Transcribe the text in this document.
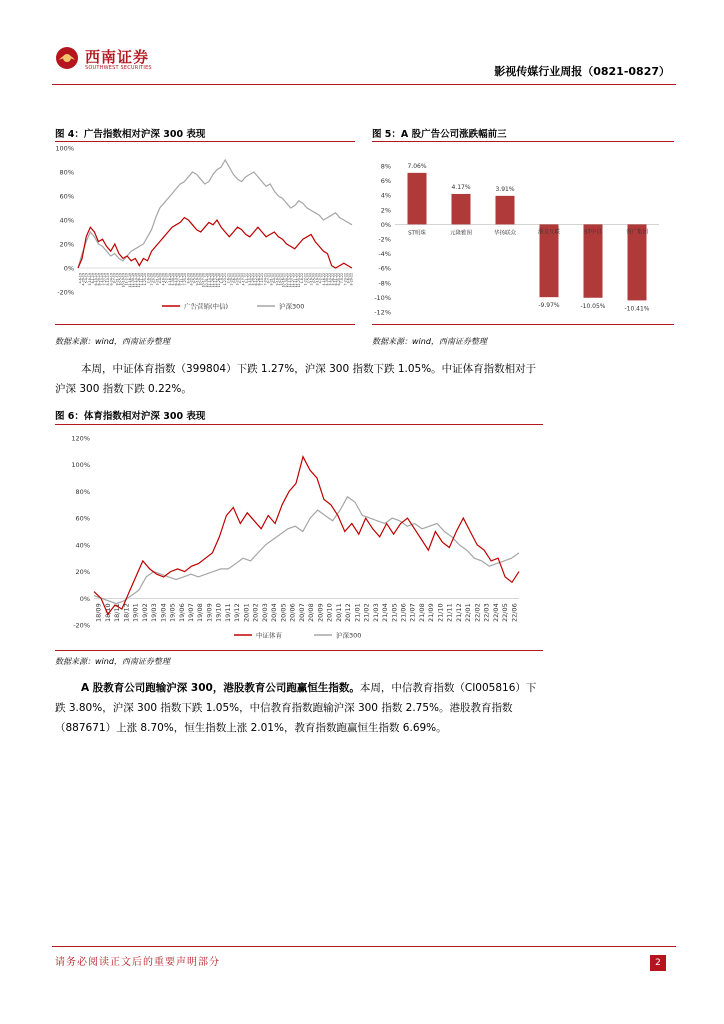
西南证券
SOUTHWEST SECURITIES	影视传媒行业周报（0821-0827）
图 4：广告指数相对沪深 300 表现
100%
80%
60%
40%
20%
0%
-20%
4-6-19 4-20-19 5-4-19 5-18-19 6-1-19 6-15-19 6-29-19 7-13-19 7-27-19 8-10-19 8-24-19 9-7-19 9-21-19 10-5-19 10-19-19 11-2-19 11-16-19 11-30-19 12-14-19 12-28-19 1-11-20 1-25-20 2-8-20 2-22-20 3-7-20 3-21-20 4-4-20 4-18-20 5-2-20 5-16-20 5-30-20 6-13-20 6-27-20 7-11-20 7-25-20 8-8-20 8-22-20 9-5-20 9-19-20 10-3-20 10-17-20 10-31-20 11-14-20 11-28-20 12-12-20 12-26-20 1-9-21 1-23-21 2-6-21 2-20-21 3-6-21 3-20-21 4-3-21 4-17-21 5-1-21 5-15-21 5-29-21 6-12-21 6-26-21 7-10-21 7-24-21 8-7-21 8-21-21 9-4-21 9-18-21 10-2-21 10-16-21 10-30-21 11-13-21 11-27-21 12-11-21 12-25-21 1-8-22 1-22-22 2-5-22 2-19-22 3-5-22 3-19-22 4-2-22 4-16-22 4-30-22 5-14-22 5-28-22 6-11-22 6-25-22 7-9-22 7-23-22 8-6-22 8-20-22
广告营销(中信)	沪深300
数据来源：wind，西南证券整理
图 5：A 股广告公司涨跌幅前三
8%
6%
4%
2%
0%
-2%
-4%
-6%
-8%
-10%
-12%
7.06%
ST明珠
4.17%
元隆雅图
3.91%
华扬联众
-9.97%
浙文互联
-10.05%
ST中昌
-10.41%
省广集团
数据来源：wind，西南证券整理
本周，中证体育指数（399804）下跌 1.27%，沪深 300 指数下跌 1.05%。中证体育指数相对于沪深 300 指数下跌 0.22%。
图 6：体育指数相对沪深 300 表现
120%
100%
80%
60%
40%
20%
0%
-20%
18/09 18/10 18/11 18/12 19/01 19/02 19/03 19/04 19/05 19/06 19/07 19/08 19/09 19/10 19/11 19/12 20/01 20/02 20/03 20/04 20/05 20/06 20/07 20/08 20/09 20/10 20/11 20/12 21/01 21/02 21/03 21/04 21/05 21/06 21/07 21/08 21/09 21/10 21/11 21/12 22/01 22/02 22/03 22/04 22/05 22/06
中证体育	沪深300
数据来源：wind，西南证券整理
A 股教育公司跑输沪深 300，港股教育公司跑赢恒生指数。本周，中信教育指数（CI005816）下跌 3.80%，沪深 300 指数下跌 1.05%，中信教育指数跑输沪深 300 指数 2.75%。港股教育指数（887671）上涨 8.70%，恒生指数上涨 2.01%，教育指数跑赢恒生指数 6.69%。
请务必阅读正文后的重要声明部分	2
